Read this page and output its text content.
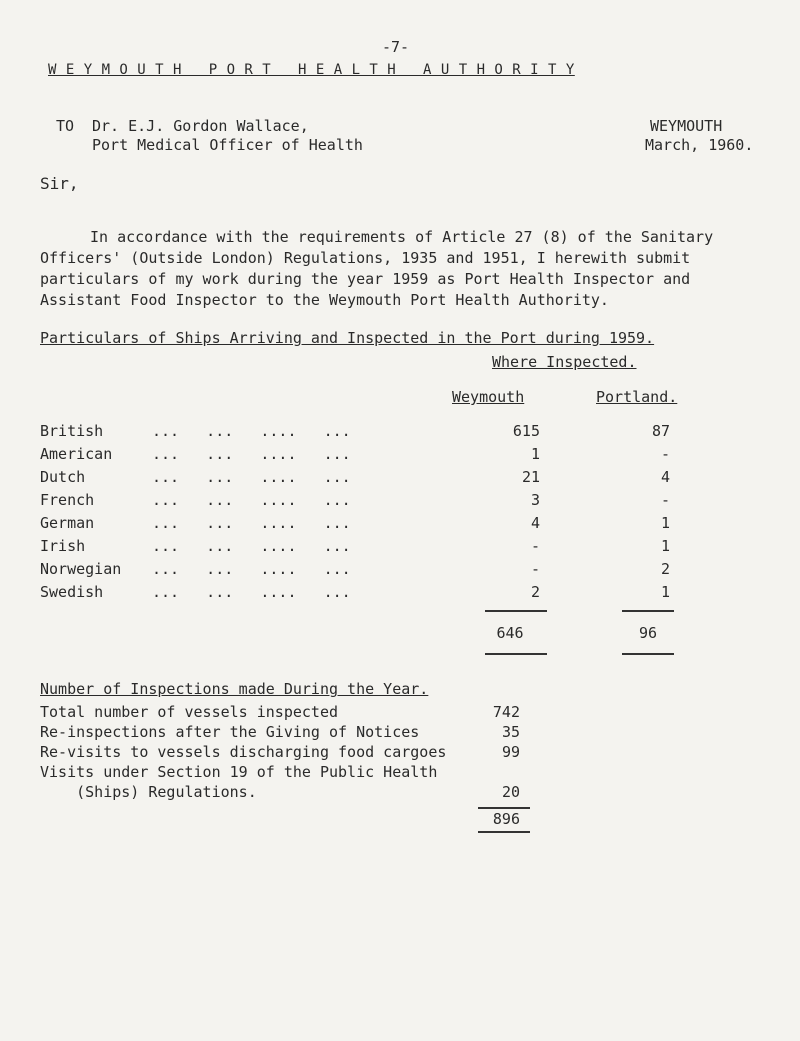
-7-
W E Y M O U T H   P O R T   H E A L T H   A U T H O R I T Y
TO Dr. E.J. Gordon Wallace,
Port Medical Officer of Health
WEYMOUTH
March, 1960.
Sir,
In accordance with the requirements of Article 27 (8) of the Sanitary
Officers' (Outside London) Regulations, 1935 and 1951, I herewith submit
particulars of my work during the year 1959 as Port Health Inspector and
Assistant Food Inspector to the Weymouth Port Health Authority.
Particulars of Ships Arriving and Inspected in the Port during 1959.
Where Inspected.
Weymouth	Portland.
British	...   ...   ....   ...	615	87
American	...   ...   ....   ...	1	-
Dutch	...   ...   ....   ...	21	4
French	...   ...   ....   ...	3	-
German	...   ...   ....   ...	4	1
Irish	...   ...   ....   ...	-	1
Norwegian ...   ...   ....   ...	-	2
Swedish	...   ...   ....   ...	2	1
646	96
Number of Inspections made During the Year.
Total number of vessels inspected	742
Re-inspections after the Giving of Notices	35
Re-visits to vessels discharging food cargoes	99
Visits under Section 19 of the Public Health
(Ships) Regulations.	20
896
